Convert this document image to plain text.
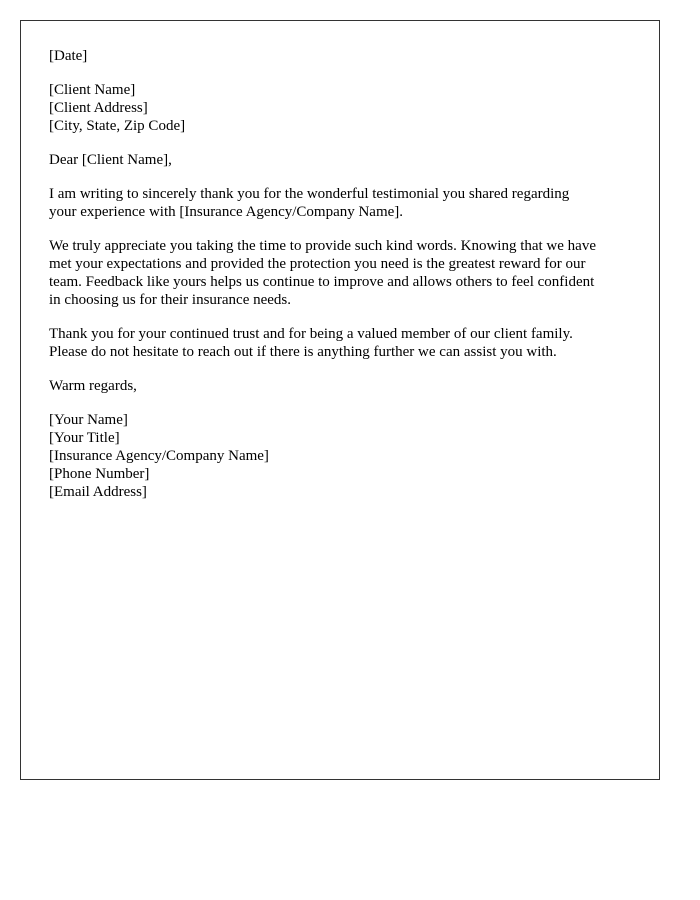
[Date]
[Client Name]
[Client Address]
[City, State, Zip Code]
Dear [Client Name],

I am writing to sincerely thank you for the wonderful testimonial you shared regarding
your experience with [Insurance Agency/Company Name].

We truly appreciate you taking the time to provide such kind words. Knowing that we have
met your expectations and provided the protection you need is the greatest reward for our
team. Feedback like yours helps us continue to improve and allows others to feel confident
in choosing us for their insurance needs.

Thank you for your continued trust and for being a valued member of our client family.
Please do not hesitate to reach out if there is anything further we can assist you with.

Warm regards,
[Your Name]
[Your Title]
[Insurance Agency/Company Name]
[Phone Number]
[Email Address]
